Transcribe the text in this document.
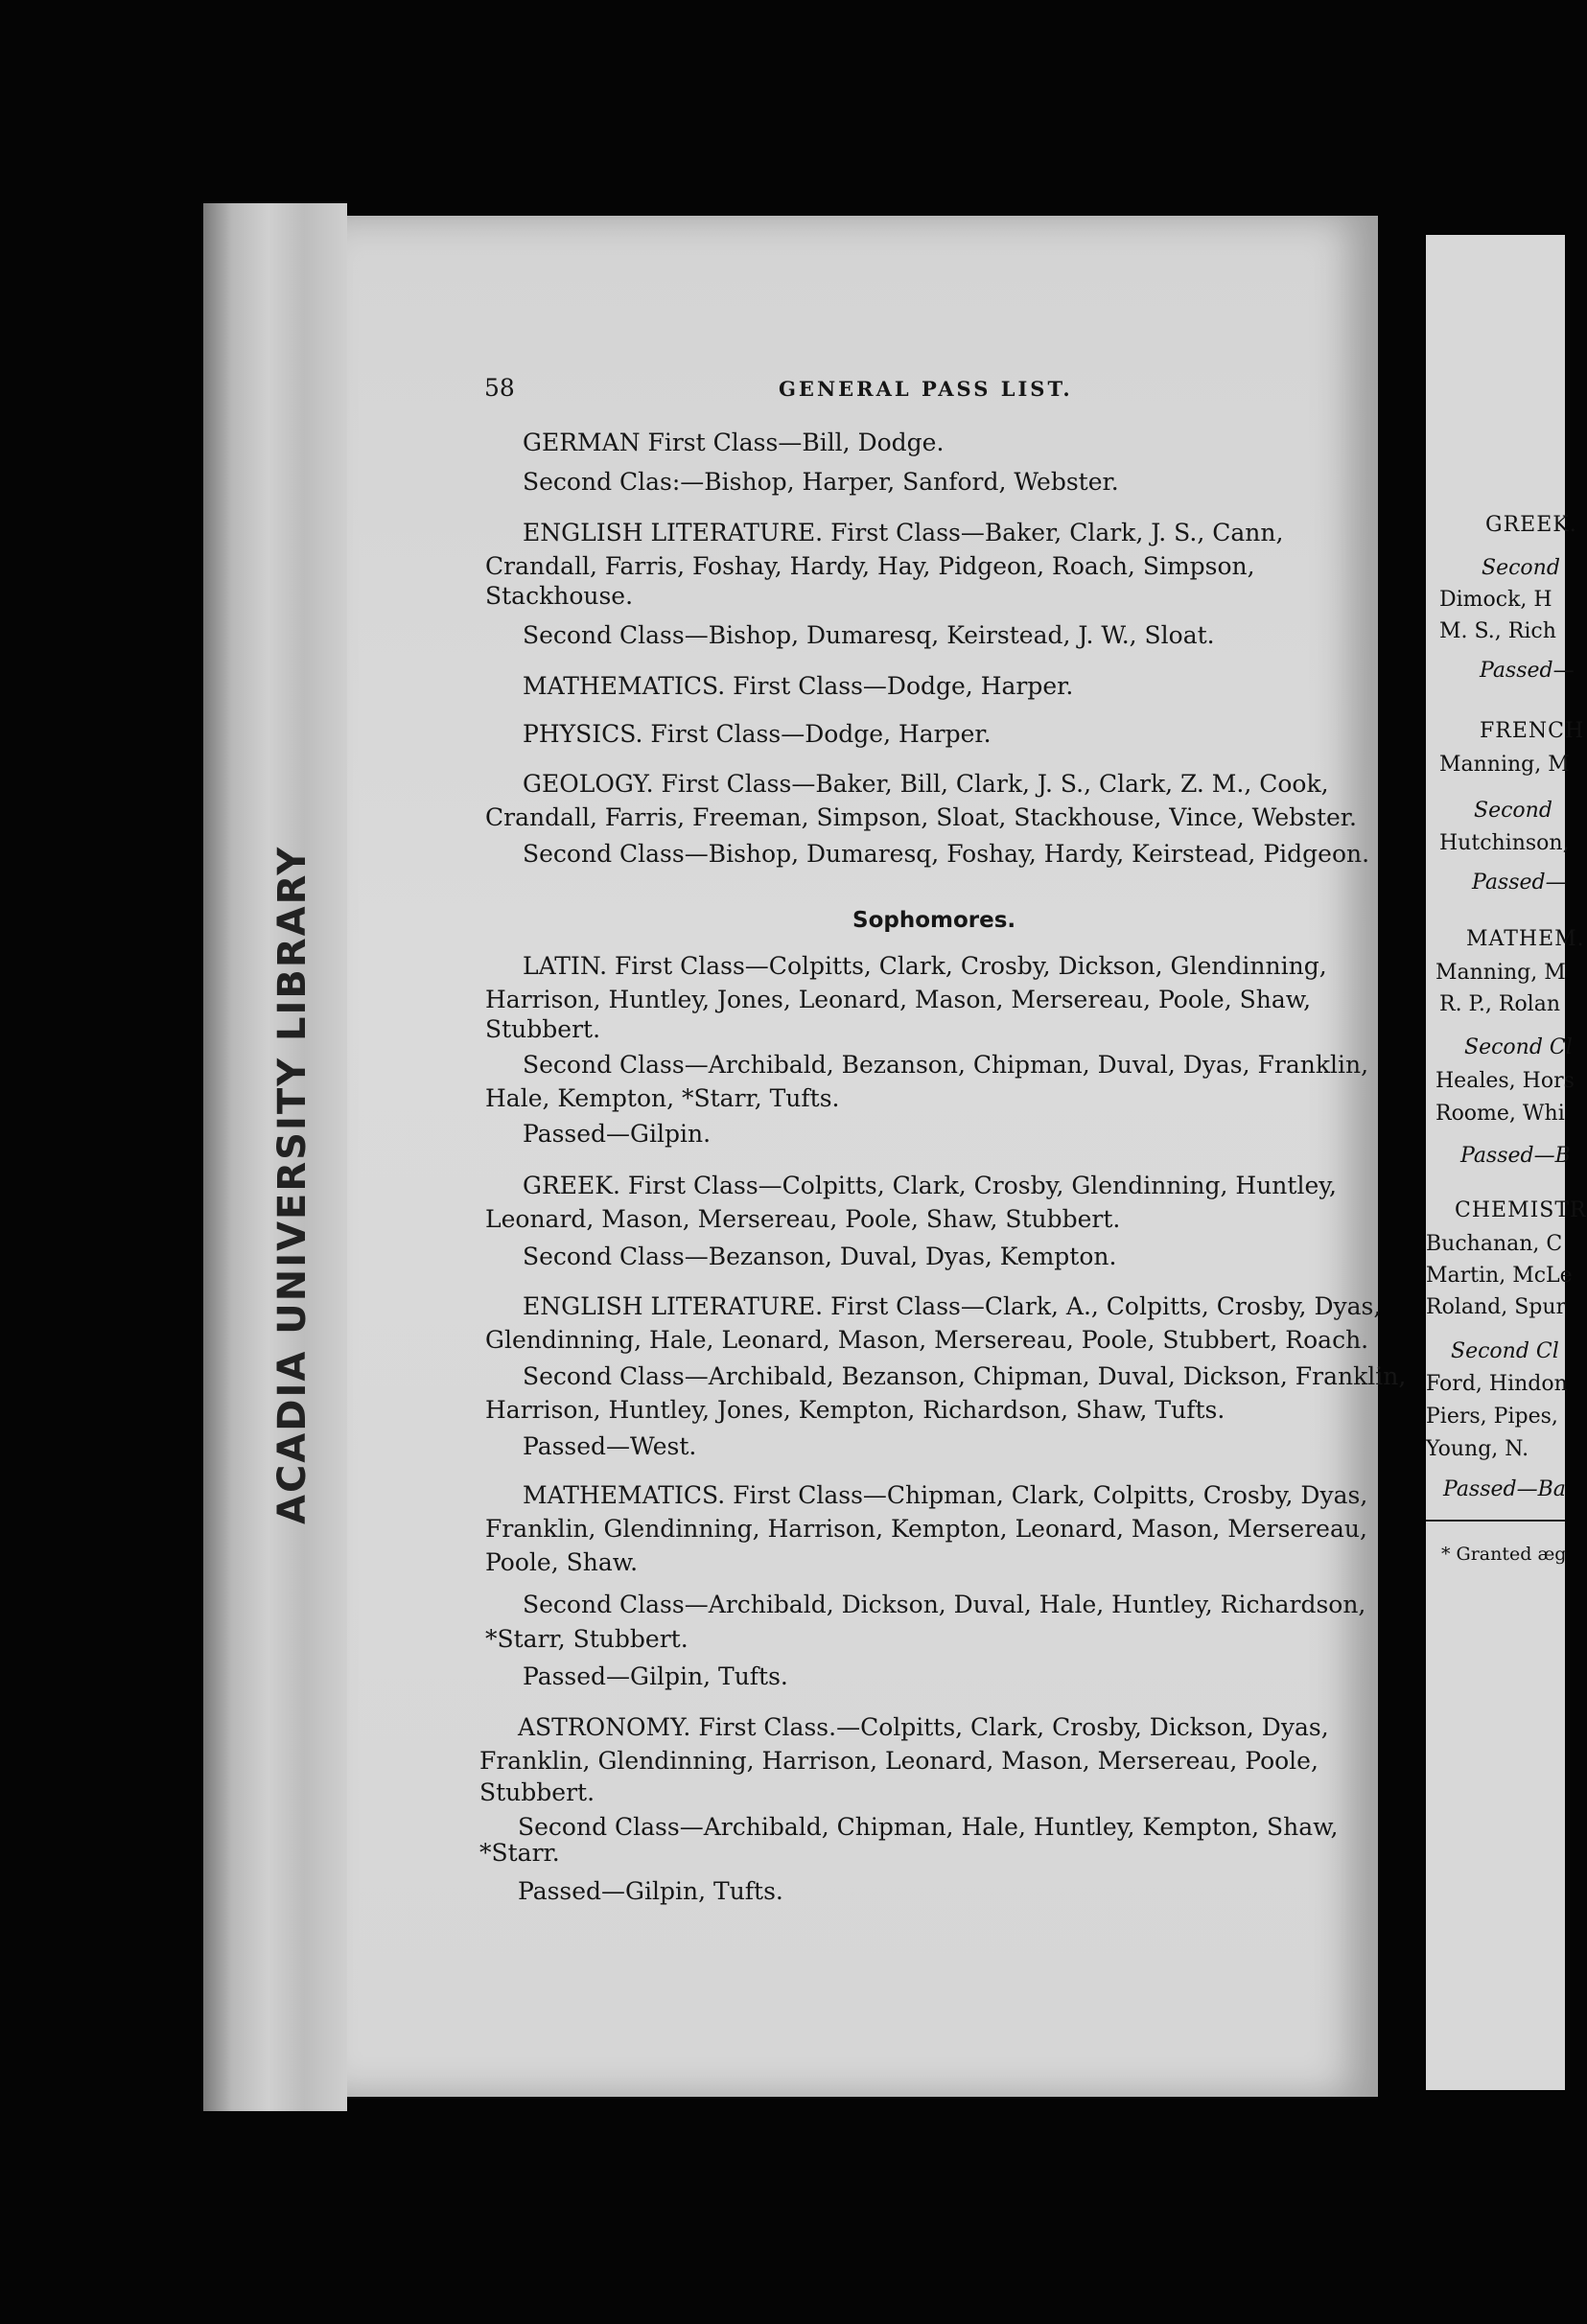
ACADIA UNIVERSITY LIBRARY
58	GENERAL PASS LIST.
GERMAN First Class—Bill, Dodge.
Second Clas:—Bishop, Harper, Sanford, Webster.
ENGLISH LITERATURE. First Class—Baker, Clark, J. S., Cann,
Crandall, Farris, Foshay, Hardy, Hay, Pidgeon, Roach, Simpson,
Stackhouse.
Second Class—Bishop, Dumaresq, Keirstead, J. W., Sloat.
MATHEMATICS. First Class—Dodge, Harper.
PHYSICS. First Class—Dodge, Harper.
GEOLOGY. First Class—Baker, Bill, Clark, J. S., Clark, Z. M., Cook,
Crandall, Farris, Freeman, Simpson, Sloat, Stackhouse, Vince, Webster.
Second Class—Bishop, Dumaresq, Foshay, Hardy, Keirstead, Pidgeon.
Sophomores.
LATIN. First Class—Colpitts, Clark, Crosby, Dickson, Glendinning,
Harrison, Huntley, Jones, Leonard, Mason, Mersereau, Poole, Shaw,
Stubbert.
Second Class—Archibald, Bezanson, Chipman, Duval, Dyas, Franklin,
Hale, Kempton, *Starr, Tufts.
Passed—Gilpin.
GREEK. First Class—Colpitts, Clark, Crosby, Glendinning, Huntley,
Leonard, Mason, Mersereau, Poole, Shaw, Stubbert.
Second Class—Bezanson, Duval, Dyas, Kempton.
ENGLISH LITERATURE. First Class—Clark, A., Colpitts, Crosby, Dyas,
Glendinning, Hale, Leonard, Mason, Mersereau, Poole, Stubbert, Roach.
Second Class—Archibald, Bezanson, Chipman, Duval, Dickson, Franklin,
Harrison, Huntley, Jones, Kempton, Richardson, Shaw, Tufts.
Passed—West.
MATHEMATICS. First Class—Chipman, Clark, Colpitts, Crosby, Dyas,
Franklin, Glendinning, Harrison, Kempton, Leonard, Mason, Mersereau,
Poole, Shaw.
Second Class—Archibald, Dickson, Duval, Hale, Huntley, Richardson,
*Starr, Stubbert.
Passed—Gilpin, Tufts.
ASTRONOMY. First Class.—Colpitts, Clark, Crosby, Dickson, Dyas,
Franklin, Glendinning, Harrison, Leonard, Mason, Mersereau, Poole,
Stubbert.
Second Class—Archibald, Chipman, Hale, Huntley, Kempton, Shaw,
*Starr.
Passed—Gilpin, Tufts.
GREEK.
Second
Dimock, H
M. S., Rich
Passed—
FRENCH
Manning, M
Second
Hutchinson,
Passed—
MATHEM.
Manning, M
R. P., Rolan
Second Cl
Heales, Hors
Roome, Whi
Passed—B
CHEMISTR
Buchanan, C
Martin, McLe
Roland, Spur
Second Cl
Ford, Hindon
Piers, Pipes,
Young, N.
Passed—Ba
* Granted æg
